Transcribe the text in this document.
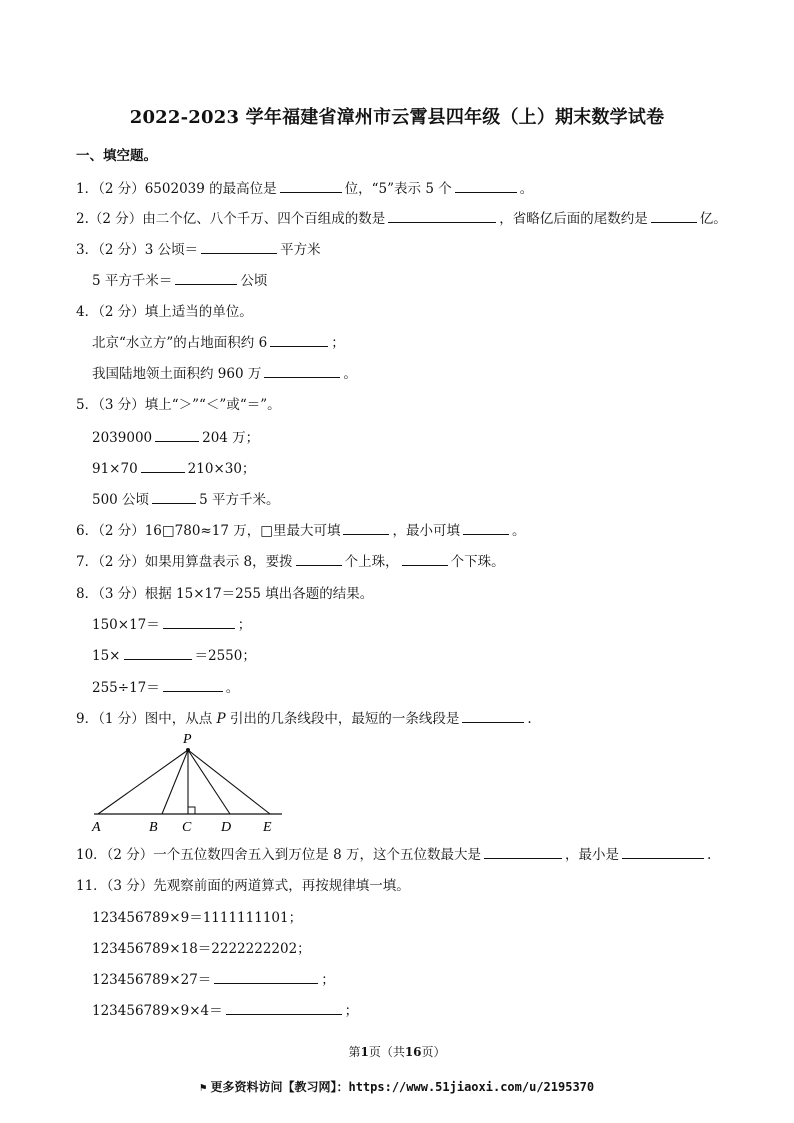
2022-2023 学年福建省漳州市云霄县四年级（上）期末数学试卷
一、填空题。
1．（2 分）6502039 的最高位是	位，“5”表示 5 个	。
2.（2 分）由二个亿、八个千万、四个百组成的数是	，省略亿后面的尾数约是	亿。
3．（2 分）3 公顷＝	平方米
5 平方千米＝	公顷
4．（2 分）填上适当的单位。
北京“水立方”的占地面积约 6	；
我国陆地领土面积约 960 万	。
5．（3 分）填上“＞”“＜”或“＝”。
2039000	204 万；
91×70	210×30；
500 公顷	5 平方千米。
6．（2 分）16□780≈17 万，□里最大可填	，最小可填	。
7．（2 分）如果用算盘表示 8，要拨	个上珠，	个下珠。
8．（3 分）根据 15×17＝255 填出各题的结果。
150×17＝	；
15×	＝2550；
255÷17＝	。
9．（1 分）图中，从点 P 引出的几条线段中，最短的一条线段是	.
P
A	B C D E
10．（2 分）一个五位数四舍五入到万位是 8 万，这个五位数最大是	，最小是	.
11．（3 分）先观察前面的两道算式，再按规律填一填。
123456789×9＝1111111101；
123456789×18＝2222222202；
123456789×27＝	；
123456789×9×4＝	；
第1页（共16页）
⚑ 更多资料访问【教习网】：https://www.51jiaoxi.com/u/2195370
